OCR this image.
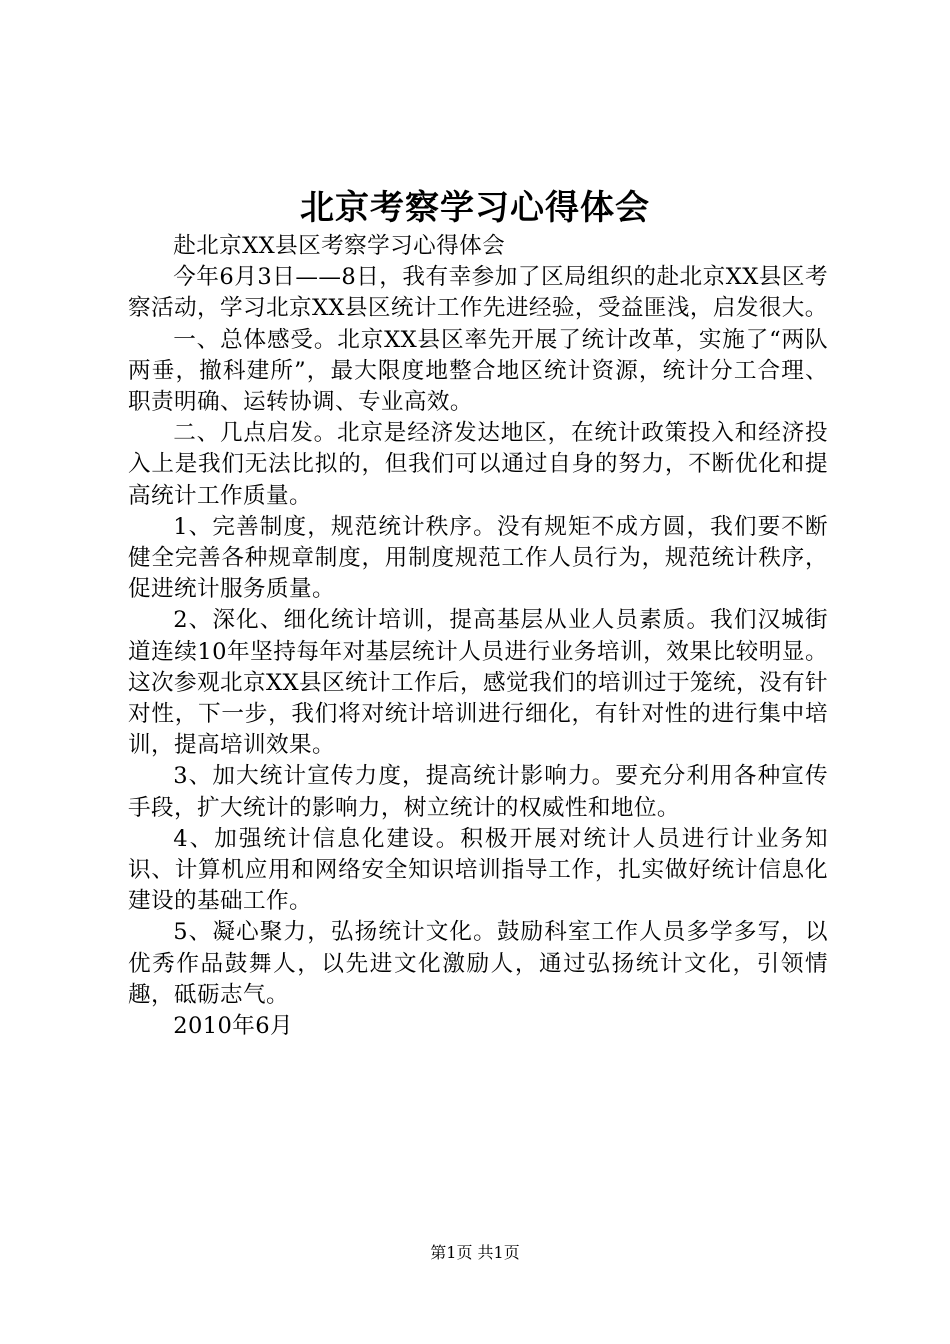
北京考察学习心得体会

赴北京XX县区考察学习心得体会

今年6月3日——8日，我有幸参加了区局组织的赴北京XX县区考察活动，学习北京XX县区统计工作先进经验，受益匪浅，启发很大。

一、总体感受。北京XX县区率先开展了统计改革，实施了“两队两垂，撤科建所”，最大限度地整合地区统计资源，统计分工合理、职责明确、运转协调、专业高效。

二、几点启发。北京是经济发达地区，在统计政策投入和经济投入上是我们无法比拟的，但我们可以通过自身的努力，不断优化和提高统计工作质量。

1、完善制度，规范统计秩序。没有规矩不成方圆，我们要不断健全完善各种规章制度，用制度规范工作人员行为，规范统计秩序，促进统计服务质量。

2、深化、细化统计培训，提高基层从业人员素质。我们汉城街道连续10年坚持每年对基层统计人员进行业务培训，效果比较明显。这次参观北京XX县区统计工作后，感觉我们的培训过于笼统，没有针对性，下一步，我们将对统计培训进行细化，有针对性的进行集中培训，提高培训效果。

3、加大统计宣传力度，提高统计影响力。要充分利用各种宣传手段，扩大统计的影响力，树立统计的权威性和地位。

4、加强统计信息化建设。积极开展对统计人员进行计业务知识、计算机应用和网络安全知识培训指导工作，扎实做好统计信息化建设的基础工作。

5、凝心聚力，弘扬统计文化。鼓励科室工作人员多学多写，以优秀作品鼓舞人，以先进文化激励人，通过弘扬统计文化，引领情趣，砥砺志气。

2010年6月

第1页 共1页
